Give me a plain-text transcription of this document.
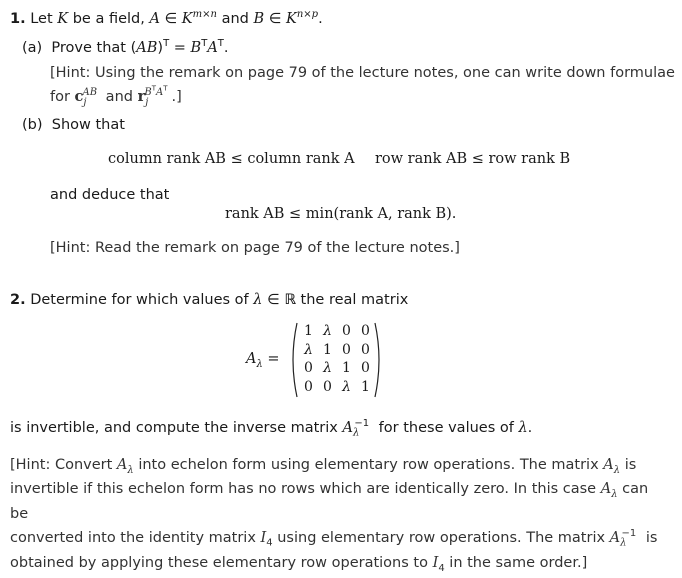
1. Let K be a field, A ∈ $K^{m\times n}$ and B ∈ $K^{n\times p}$.
(a)  Prove that $(AB)^T = B^TA^T$.
[Hint: Using the remark on page 79 of the lecture notes, one can write down formulae
for $c_j^{AB}$ and $r_j^{B^TA^T}$.]
(b) Show that
column rank AB ≤ column rank A row rank AB ≤ row rank B
and deduce that
rank AB ≤ min(rank A, rank B).
[Hint: Read the remark on page 79 of the lecture notes.]
2. Determine for which values of λ ∈ ℝ the real matrix
$A_\lambda$ =
1 λ 0 0
λ 1 0 0
0 λ 1 0
0 0 λ 1
is invertible, and compute the inverse matrix $A_\lambda^{-1}$ for these values of λ.
[Hint: Convert $A_\lambda$ into echelon form using elementary row operations. The matrix $A_\lambda$ is
invertible if this echelon form has no rows which are identically zero. In this case $A_\lambda$ can be
converted into the identity matrix $I_4$ using elementary row operations. The matrix $A_\lambda^{-1}$ is
obtained by applying these elementary row operations to $I_4$ in the same order.]
